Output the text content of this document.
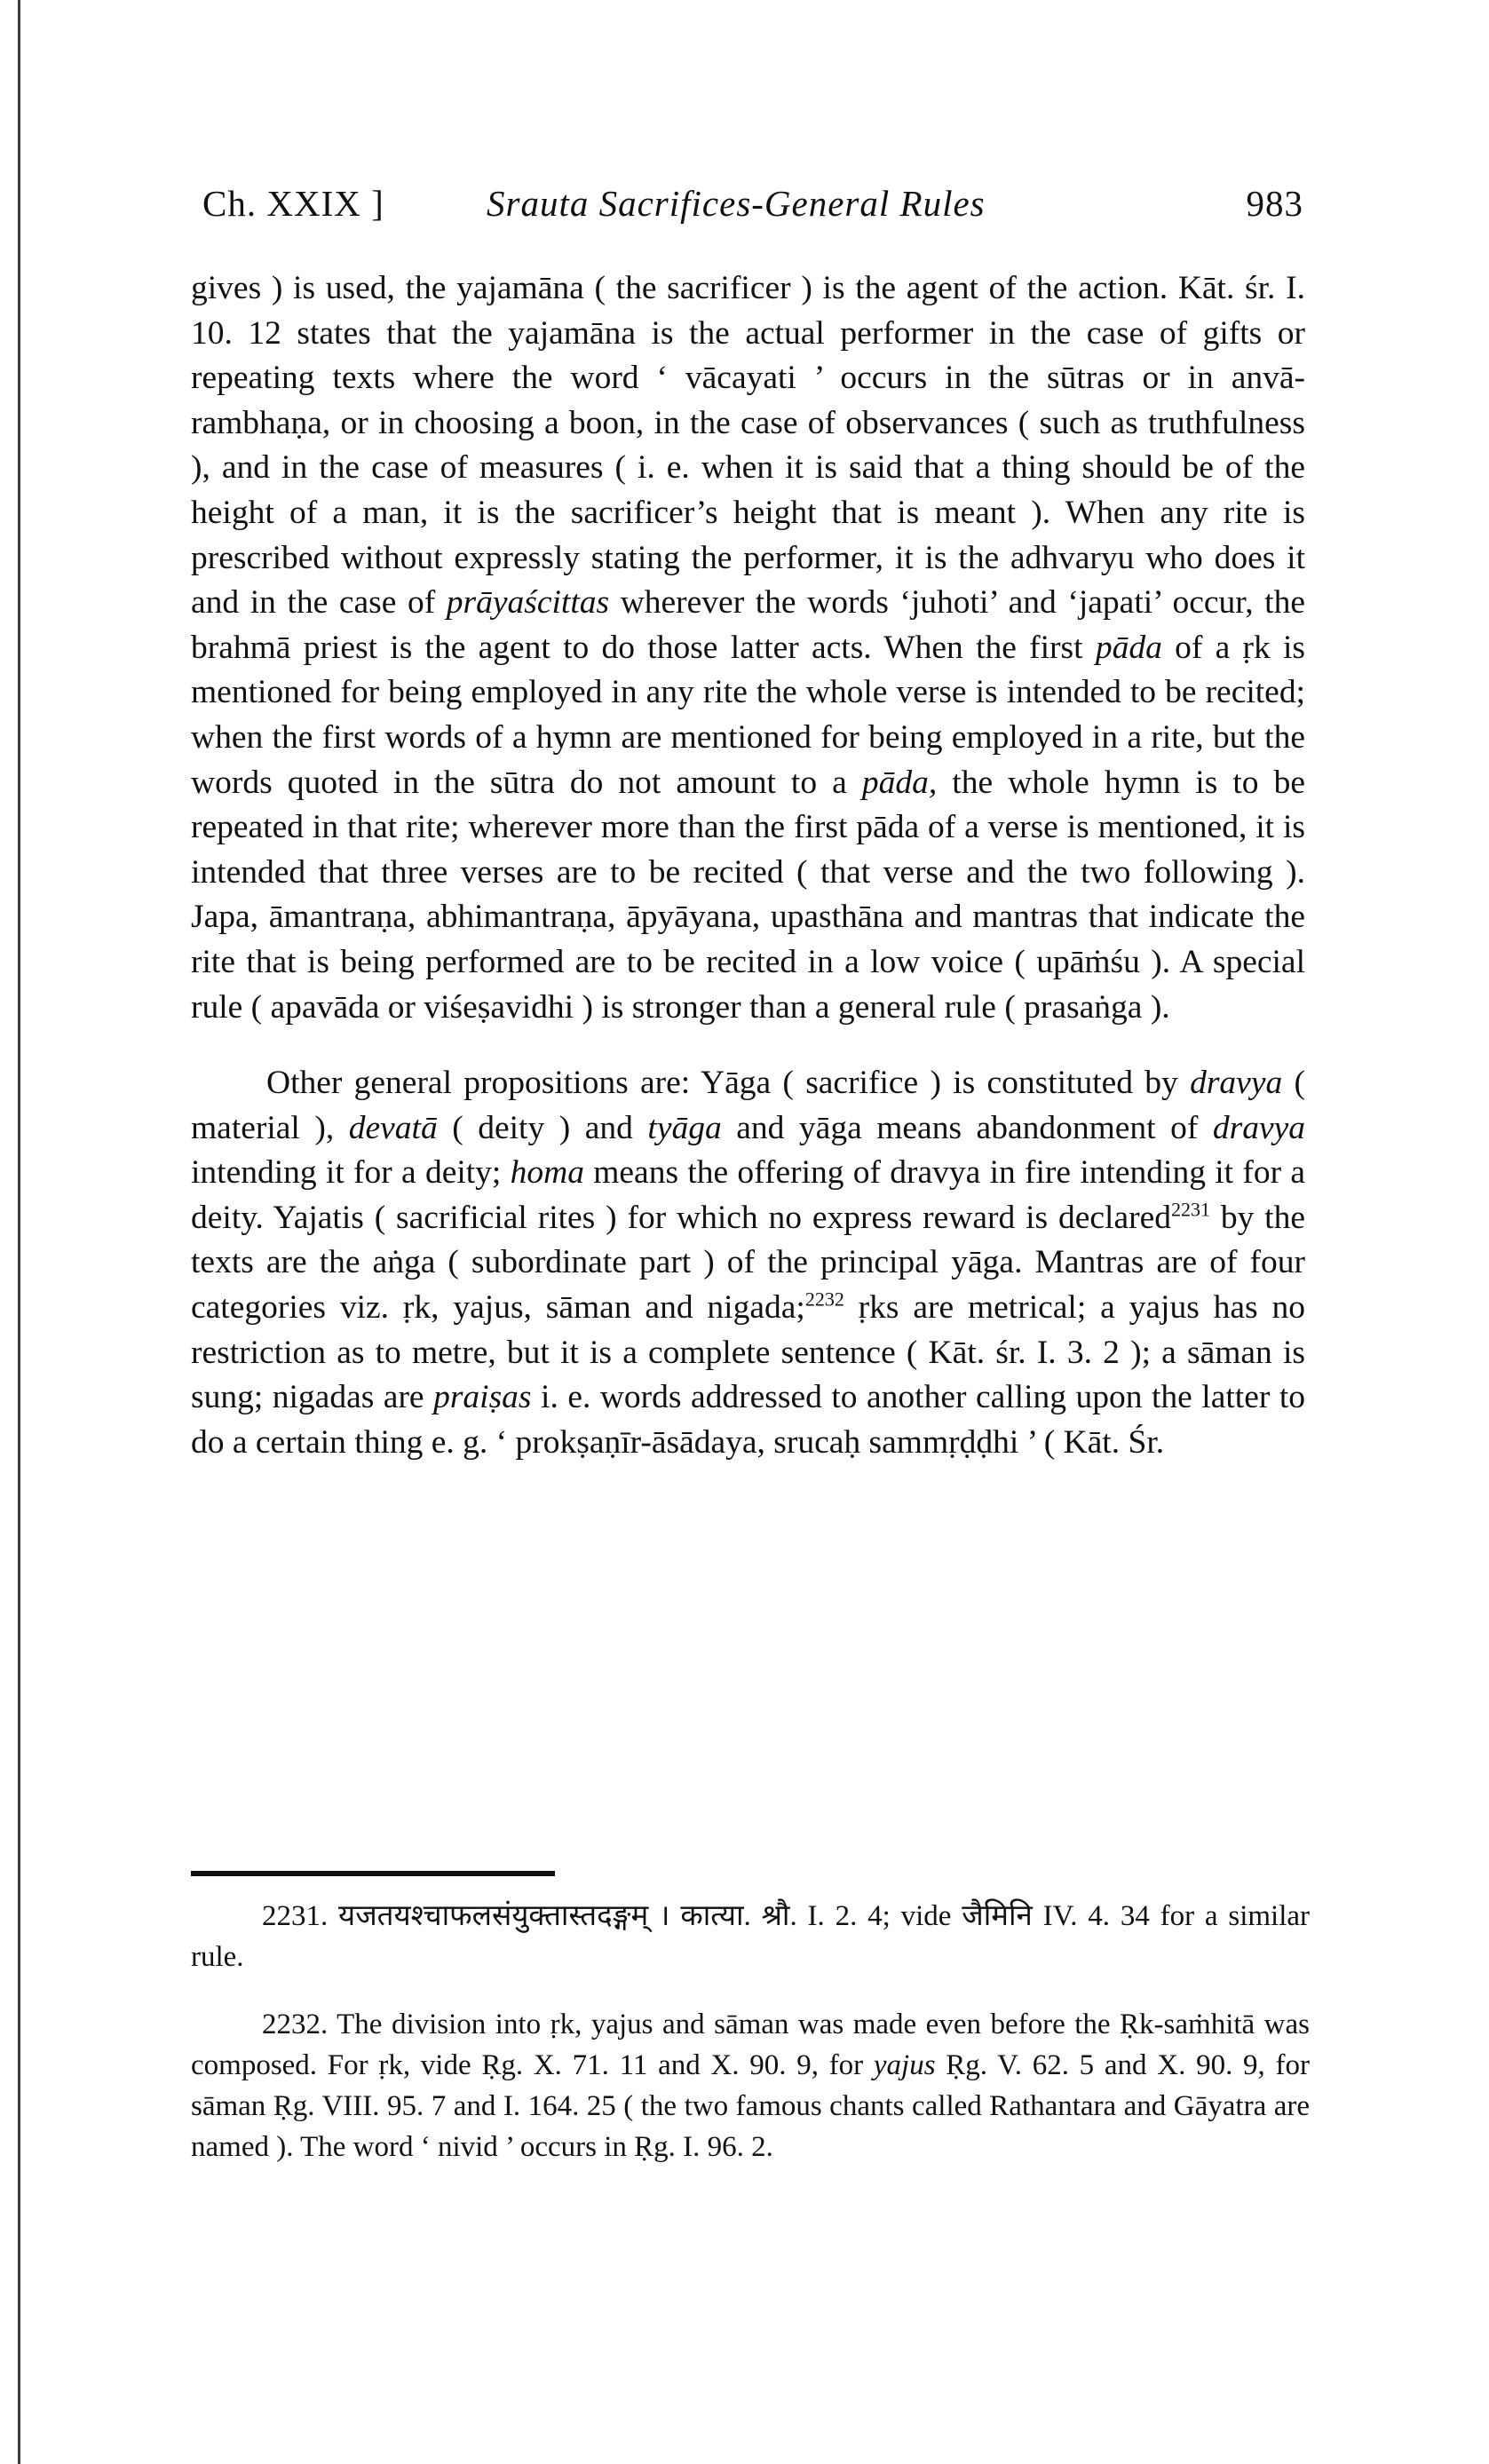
Ch. XXIX ]	Srauta Sacrifices-General Rules	983

gives ) is used, the yajamāna ( the sacrificer ) is the agent of the action. Kāt. śr. I. 10. 12 states that the yajamāna is the actual performer in the case of gifts or repeating texts where the word ‘ vācayati ’ occurs in the sūtras or in anvā-rambhaṇa, or in choosing a boon, in the case of observances ( such as truthfulness ), and in the case of measures ( i. e. when it is said that a thing should be of the height of a man, it is the sacrificer’s height that is meant ). When any rite is prescribed without expressly stating the performer, it is the adhvaryu who does it and in the case of prāyaścittas wherever the words ‘juhoti’ and ‘japati’ occur, the brahmā priest is the agent to do those latter acts. When the first pāda of a ṛk is mentioned for being employed in any rite the whole verse is intended to be recited; when the first words of a hymn are mentioned for being employed in a rite, but the words quoted in the sūtra do not amount to a pāda, the whole hymn is to be repeated in that rite; wherever more than the first pāda of a verse is mentioned, it is intended that three verses are to be recited ( that verse and the two following ). Japa, āmantraṇa, abhimantraṇa, āpyāyana, upasthāna and mantras that indicate the rite that is being performed are to be recited in a low voice ( upāṁśu ). A special rule ( apavāda or viśeṣavidhi ) is stronger than a general rule ( prasaṅga ).

Other general propositions are: Yāga ( sacrifice ) is constituted by dravya ( material ), devatā ( deity ) and tyāga and yāga means abandonment of dravya intending it for a deity; homa means the offering of dravya in fire intending it for a deity. Yajatis ( sacrificial rites ) for which no express reward is declared$^{2231}$ by the texts are the aṅga ( subordinate part ) of the principal yāga. Mantras are of four categories viz. ṛk, yajus, sāman and nigada;$^{2232}$ ṛks are metrical; a yajus has no restriction as to metre, but it is a complete sentence ( Kāt. śr. I. 3. 2 ); a sāman is sung; nigadas are praiṣas i. e. words addressed to another calling upon the latter to do a certain thing e. g. ‘ prokṣaṇīr-āsādaya, srucaḥ sammṛḍḍhi ’ ( Kāt. Śr.

2231. यजतयश्चाफलसंयुक्तास्तदङ्गम् । कात्या. श्रौ. I. 2. 4; vide जैमिनि IV. 4. 34 for a similar rule.

2232. The division into ṛk, yajus and sāman was made even before the Ṛk-saṁhitā was composed. For ṛk, vide Ṛg. X. 71. 11 and X. 90. 9, for yajus Ṛg. V. 62. 5 and X. 90. 9, for sāman Ṛg. VIII. 95. 7 and I. 164. 25 ( the two famous chants called Rathantara and Gāyatra are named ). The word ‘ nivid ’ occurs in Ṛg. I. 96. 2.
